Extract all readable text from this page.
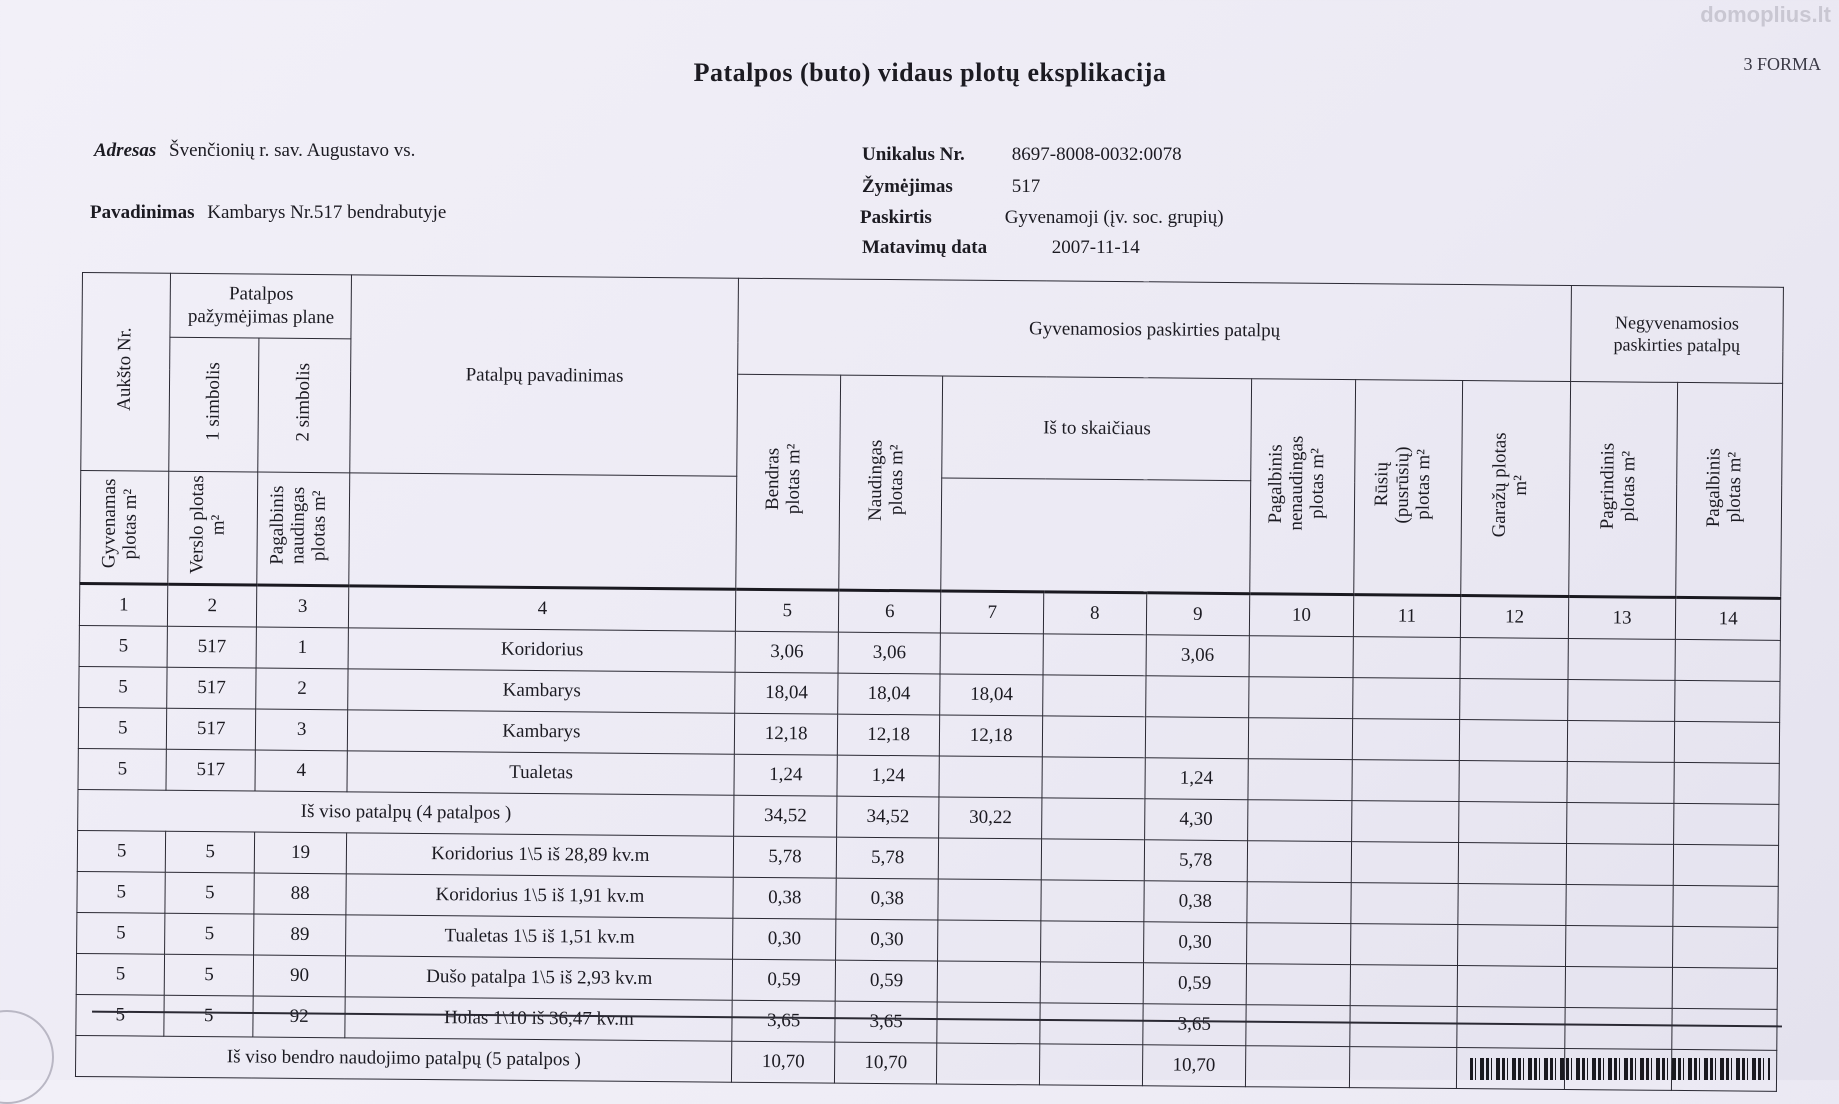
domoplius.lt
3 FORMA
Patalpos (buto) vidaus plotų eksplikacija
Adresas Švenčionių r. sav. Augustavo vs.
Pavadinimas Kambarys Nr.517 bendrabutyje
Unikalus Nr. 8697-8008-0032:0078
Žymėjimas	517
Paskirtis	Gyvenamoji (įv. soc. grupių)
Matavimų data	2007-11-14
Aukšto Nr.	Patalpos pažymėjimas plane		Patalpų pavadinimas	Gyvenamosios paskirties patalpų								Negyvenamosios paskirties patalpų	
	1 simbolis	2 simbolis											
				Bendras plotas m²	Naudingas plotas m²	Iš to skaičiaus			Pagalbinis nenaudingas plotas m²	Rūsių (pusrūsių) plotas m²	Garažų plotas m²	Pagrindinis plotas m²	Pagalbinis plotas m²
Gyvenamas plotas m²	Verslo plotas m²	Pagalbinis naudingas plotas m²											
1	2	3	4	5	6	7	8	9	10	11	12	13	14
5	517	1	Koridorius	3,06	3,06			3,06					
5	517	2	Kambarys	18,04	18,04	18,04							
5	517	3	Kambarys	12,18	12,18	12,18							
5	517	4	Tualetas	1,24	1,24			1,24					
Iš viso patalpų (4 patalpos )				34,52	34,52	30,22		4,30					
5	5	19	Koridorius 1\5 iš 28,89 kv.m	5,78	5,78			5,78					
5	5	88	Koridorius 1\5 iš 1,91 kv.m	0,38	0,38			0,38					
5	5	89	Tualetas 1\5 iš 1,51 kv.m	0,30	0,30			0,30					
5	5	90	Dušo patalpa 1\5 iš 2,93 kv.m	0,59	0,59			0,59					
5	5	92	Holas 1\10 iš 36,47 kv.m	3,65	3,65			3,65					
Iš viso bendro naudojimo patalpų (5 patalpos )				10,70	10,70			10,70					
